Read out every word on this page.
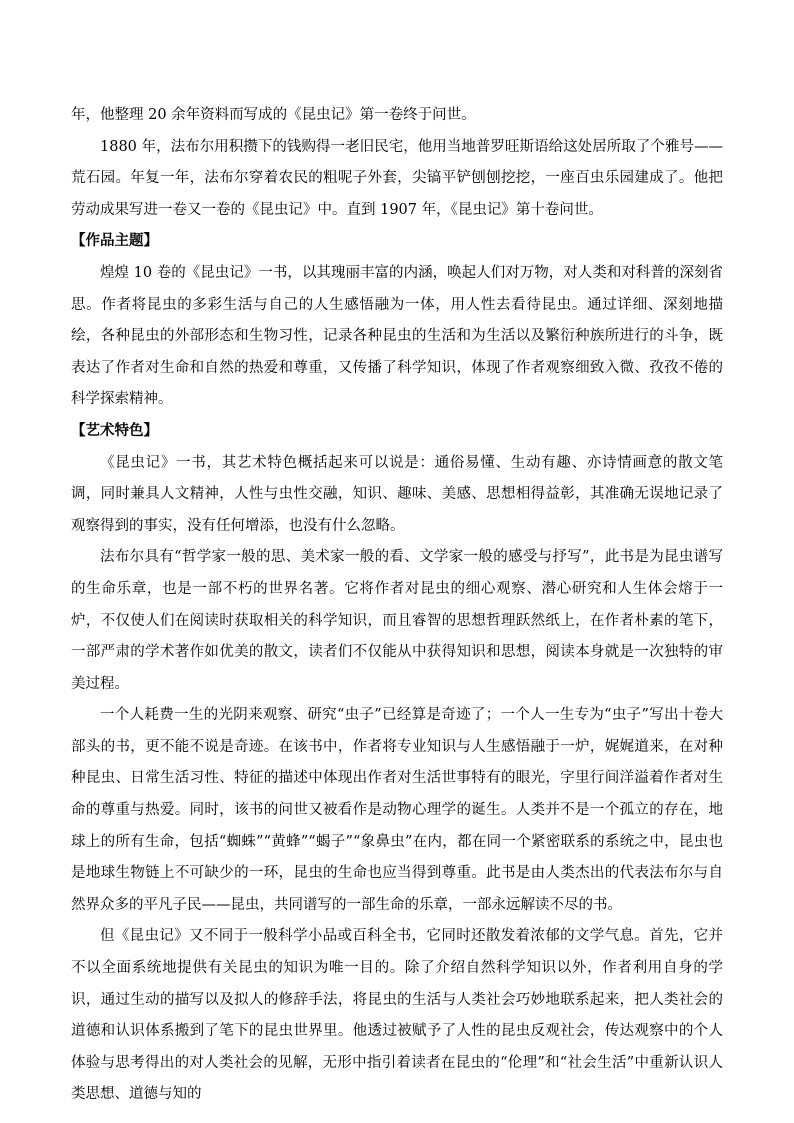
年，他整理 20 余年资料而写成的《昆虫记》第一卷终于问世。

1880 年，法布尔用积攒下的钱购得一老旧民宅，他用当地普罗旺斯语给这处居所取了个雅号——荒石园。年复一年，法布尔穿着农民的粗呢子外套，尖镐平铲刨刨挖挖，一座百虫乐园建成了。他把劳动成果写进一卷又一卷的《昆虫记》中。直到 1907 年，《昆虫记》第十卷问世。

【作品主题】

煌煌 10 卷的《昆虫记》一书，以其瑰丽丰富的内涵，唤起人们对万物，对人类和对科普的深刻省思。作者将昆虫的多彩生活与自己的人生感悟融为一体，用人性去看待昆虫。通过详细、深刻地描绘，各种昆虫的外部形态和生物习性，记录各种昆虫的生活和为生活以及繁衍种族所进行的斗争，既表达了作者对生命和自然的热爱和尊重，又传播了科学知识，体现了作者观察细致入微、孜孜不倦的科学探索精神。

【艺术特色】

《昆虫记》一书，其艺术特色概括起来可以说是：通俗易懂、生动有趣、亦诗情画意的散文笔调，同时兼具人文精神，人性与虫性交融，知识、趣味、美感、思想相得益彰，其准确无误地记录了观察得到的事实，没有任何增添，也没有什么忽略。

法布尔具有“哲学家一般的思、美术家一般的看、文学家一般的感受与抒写”，此书是为昆虫谱写的生命乐章，也是一部不朽的世界名著。它将作者对昆虫的细心观察、潜心研究和人生体会熔于一炉，不仅使人们在阅读时获取相关的科学知识，而且睿智的思想哲理跃然纸上，在作者朴素的笔下，一部严肃的学术著作如优美的散文，读者们不仅能从中获得知识和思想，阅读本身就是一次独特的审美过程。

一个人耗费一生的光阴来观察、研究“虫子”已经算是奇迹了；一个人一生专为“虫子”写出十卷大部头的书，更不能不说是奇迹。在该书中，作者将专业知识与人生感悟融于一炉，娓娓道来，在对种种昆虫、日常生活习性、特征的描述中体现出作者对生活世事特有的眼光，字里行间洋溢着作者对生命的尊重与热爱。同时，该书的问世又被看作是动物心理学的诞生。人类并不是一个孤立的存在，地球上的所有生命，包括“蜘蛛”“黄蜂”“蝎子”“象鼻虫”在内，都在同一个紧密联系的系统之中，昆虫也是地球生物链上不可缺少的一环，昆虫的生命也应当得到尊重。此书是由人类杰出的代表法布尔与自然界众多的平凡子民——昆虫，共同谱写的一部生命的乐章，一部永远解读不尽的书。

但《昆虫记》又不同于一般科学小品或百科全书，它同时还散发着浓郁的文学气息。首先，它并不以全面系统地提供有关昆虫的知识为唯一目的。除了介绍自然科学知识以外，作者利用自身的学识，通过生动的描写以及拟人的修辞手法，将昆虫的生活与人类社会巧妙地联系起来，把人类社会的道德和认识体系搬到了笔下的昆虫世界里。他透过被赋予了人性的昆虫反观社会，传达观察中的个人体验与思考得出的对人类社会的见解，无形中指引着读者在昆虫的“伦理”和“社会生活”中重新认识人类思想、道德与知的
